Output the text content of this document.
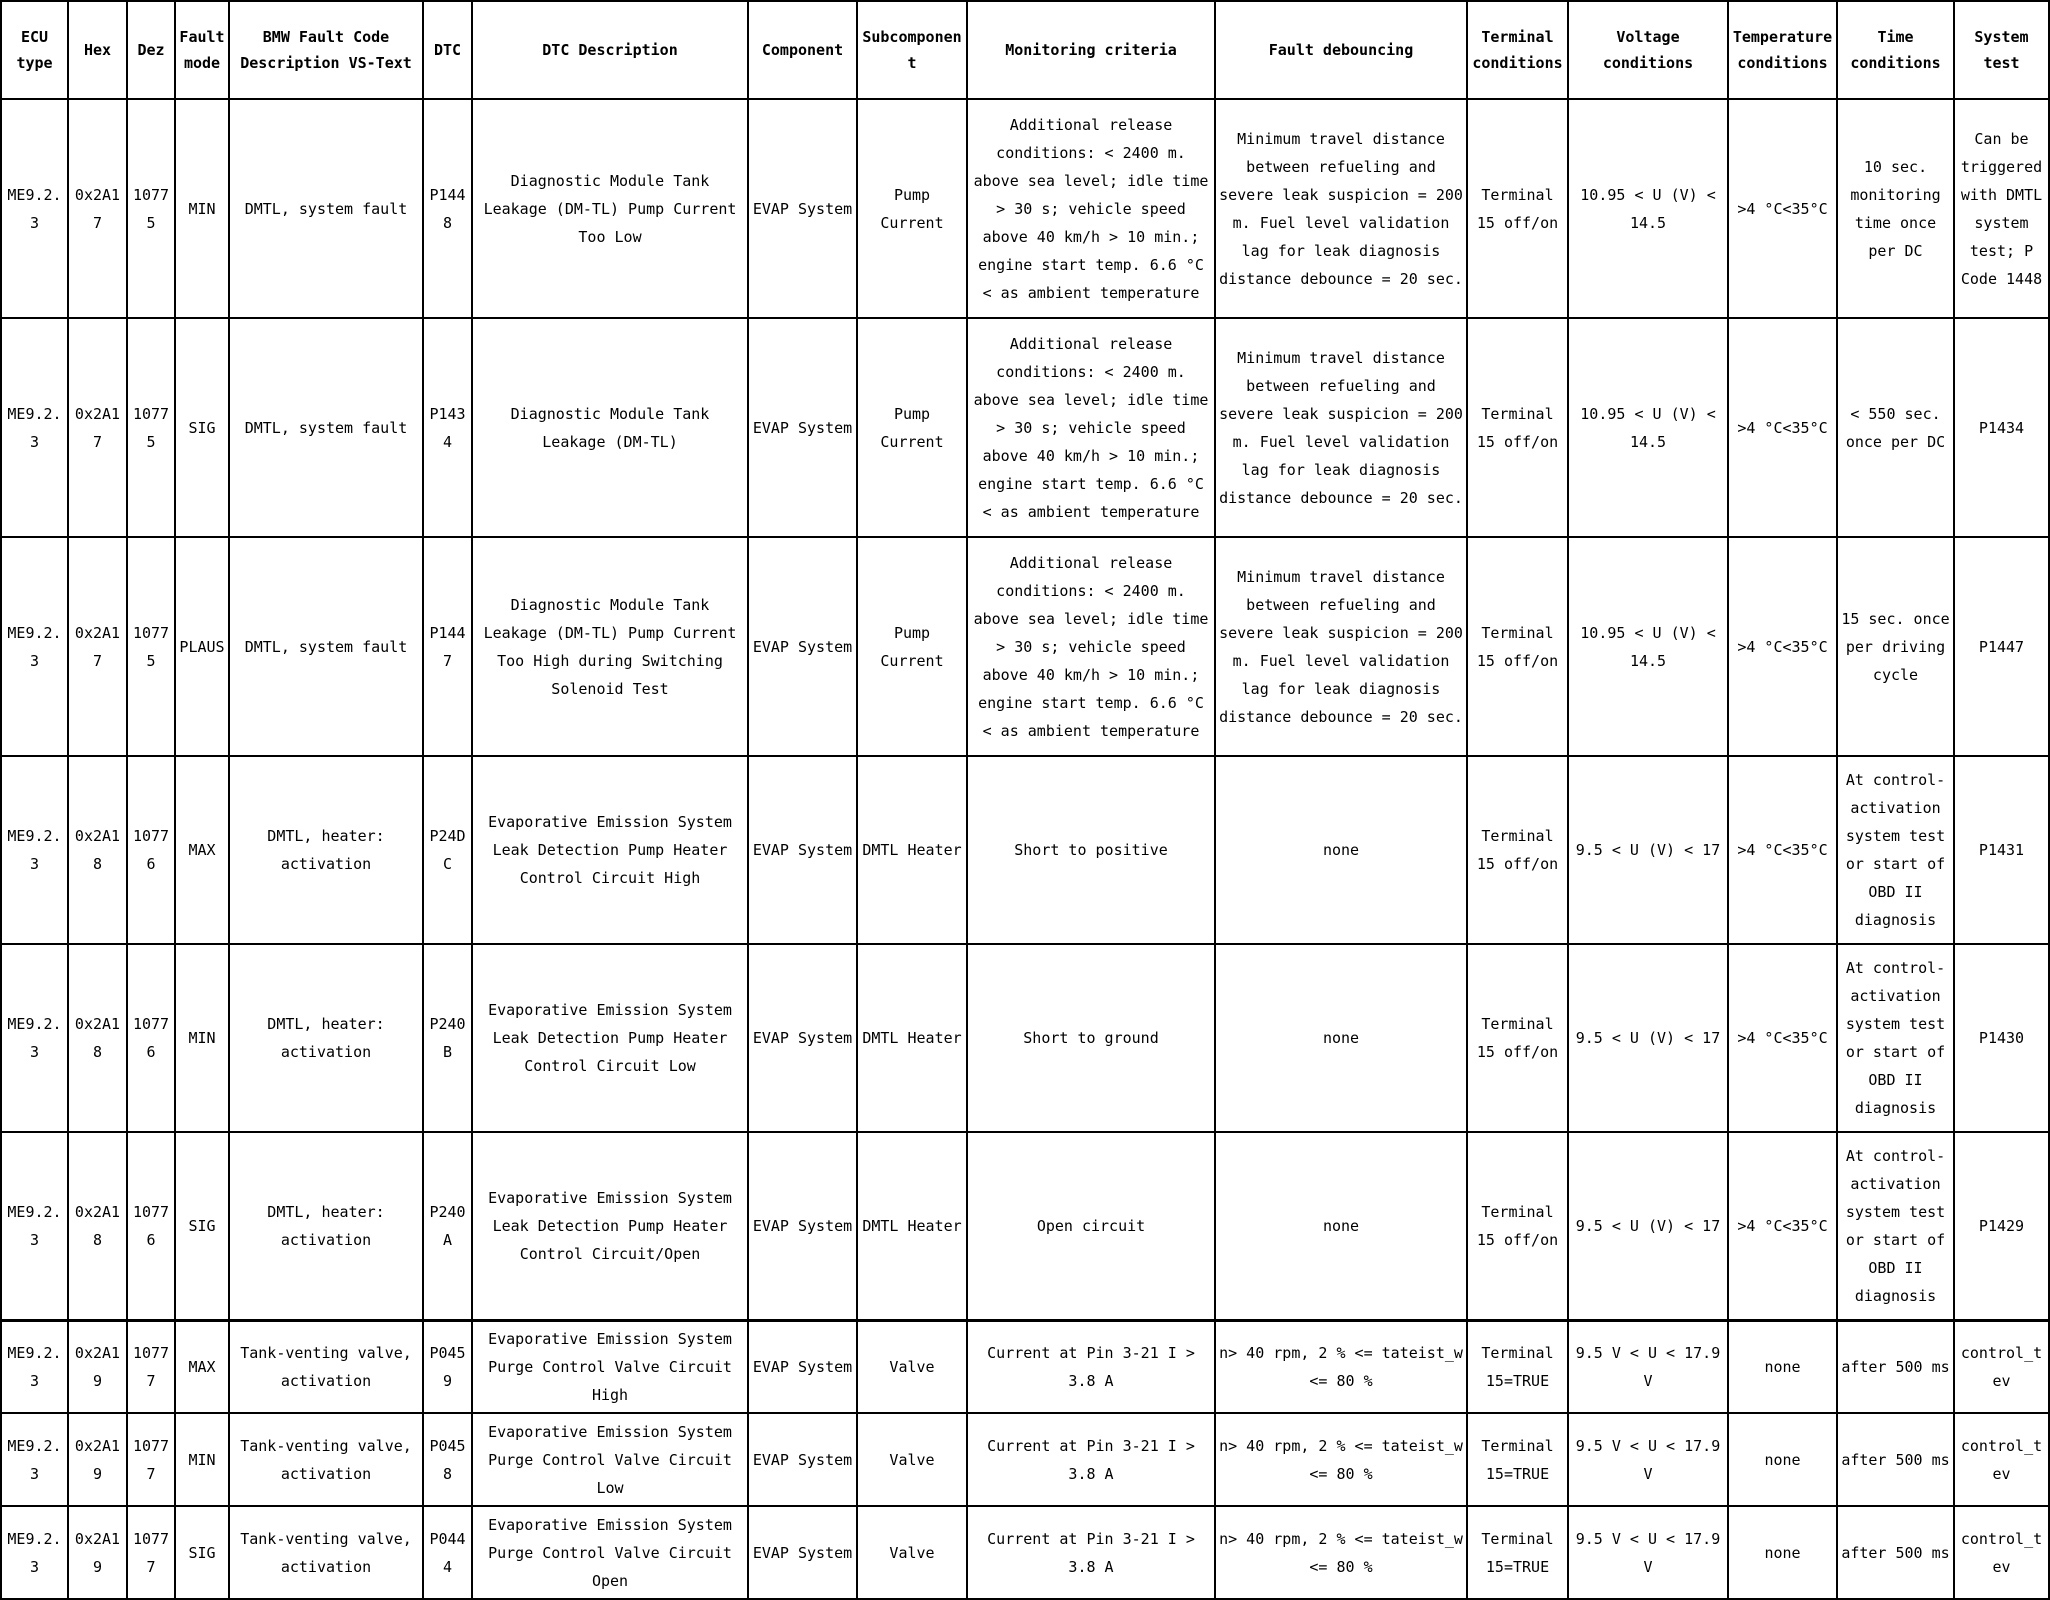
ECU type	Hex	Dez	Fault mode	BMW Fault Code Description VS-Text	DTC	DTC Description	Component	Subcomponent	Monitoring criteria	Fault debouncing	Terminal conditions	Voltage conditions	Temperature conditions	Time conditions	System test
ME9.2.3	0x2A17	10775	MIN	DMTL, system fault	P1448	Diagnostic Module Tank Leakage (DM-TL) Pump Current Too Low	EVAP System	Pump Current	Additional release conditions: < 2400 m. above sea level; idle time > 30 s; vehicle speed above 40 km/h > 10 min.; engine start temp. 6.6 °C < as ambient temperature	Minimum travel distance between refueling and severe leak suspicion = 200 m. Fuel level validation lag for leak diagnosis distance debounce = 20 sec.	Terminal 15 off/on	10.95 < U (V) < 14.5	>4 °C<35°C	10 sec. monitoring time once per DC	Can be triggered with DMTL system test; P Code 1448
ME9.2.3	0x2A17	10775	SIG	DMTL, system fault	P1434	Diagnostic Module Tank Leakage (DM-TL)	EVAP System	Pump Current	Additional release conditions: < 2400 m. above sea level; idle time > 30 s; vehicle speed above 40 km/h > 10 min.; engine start temp. 6.6 °C < as ambient temperature	Minimum travel distance between refueling and severe leak suspicion = 200 m. Fuel level validation lag for leak diagnosis distance debounce = 20 sec.	Terminal 15 off/on	10.95 < U (V) < 14.5	>4 °C<35°C	< 550 sec. once per DC	P1434
ME9.2.3	0x2A17	10775	PLAUS	DMTL, system fault	P1447	Diagnostic Module Tank Leakage (DM-TL) Pump Current Too High during Switching Solenoid Test	EVAP System	Pump Current	Additional release conditions: < 2400 m. above sea level; idle time > 30 s; vehicle speed above 40 km/h > 10 min.; engine start temp. 6.6 °C < as ambient temperature	Minimum travel distance between refueling and severe leak suspicion = 200 m. Fuel level validation lag for leak diagnosis distance debounce = 20 sec.	Terminal 15 off/on	10.95 < U (V) < 14.5	>4 °C<35°C	15 sec. once per driving cycle	P1447
ME9.2.3	0x2A18	10776	MAX	DMTL, heater: activation	P24DC	Evaporative Emission System Leak Detection Pump Heater Control Circuit High	EVAP System	DMTL Heater	Short to positive	none	Terminal 15 off/on	9.5 < U (V) < 17	>4 °C<35°C	At control-activation system test or start of OBD II diagnosis	P1431
ME9.2.3	0x2A18	10776	MIN	DMTL, heater: activation	P240B	Evaporative Emission System Leak Detection Pump Heater Control Circuit Low	EVAP System	DMTL Heater	Short to ground	none	Terminal 15 off/on	9.5 < U (V) < 17	>4 °C<35°C	At control-activation system test or start of OBD II diagnosis	P1430
ME9.2.3	0x2A18	10776	SIG	DMTL, heater: activation	P240A	Evaporative Emission System Leak Detection Pump Heater Control Circuit/Open	EVAP System	DMTL Heater	Open circuit	none	Terminal 15 off/on	9.5 < U (V) < 17	>4 °C<35°C	At control-activation system test or start of OBD II diagnosis	P1429
ME9.2.3	0x2A19	10777	MAX	Tank-venting valve, activation	P0459	Evaporative Emission System Purge Control Valve Circuit High	EVAP System	Valve	Current at Pin 3-21 I > 3.8 A	n> 40 rpm, 2 % <= tateist_w <= 80 %	Terminal 15=TRUE	9.5 V < U < 17.9 V	none	after 500 ms	control_tev
ME9.2.3	0x2A19	10777	MIN	Tank-venting valve, activation	P0458	Evaporative Emission System Purge Control Valve Circuit Low	EVAP System	Valve	Current at Pin 3-21 I > 3.8 A	n> 40 rpm, 2 % <= tateist_w <= 80 %	Terminal 15=TRUE	9.5 V < U < 17.9 V	none	after 500 ms	control_tev
ME9.2.3	0x2A19	10777	SIG	Tank-venting valve, activation	P0444	Evaporative Emission System Purge Control Valve Circuit Open	EVAP System	Valve	Current at Pin 3-21 I > 3.8 A	n> 40 rpm, 2 % <= tateist_w <= 80 %	Terminal 15=TRUE	9.5 V < U < 17.9 V	none	after 500 ms	control_tev
